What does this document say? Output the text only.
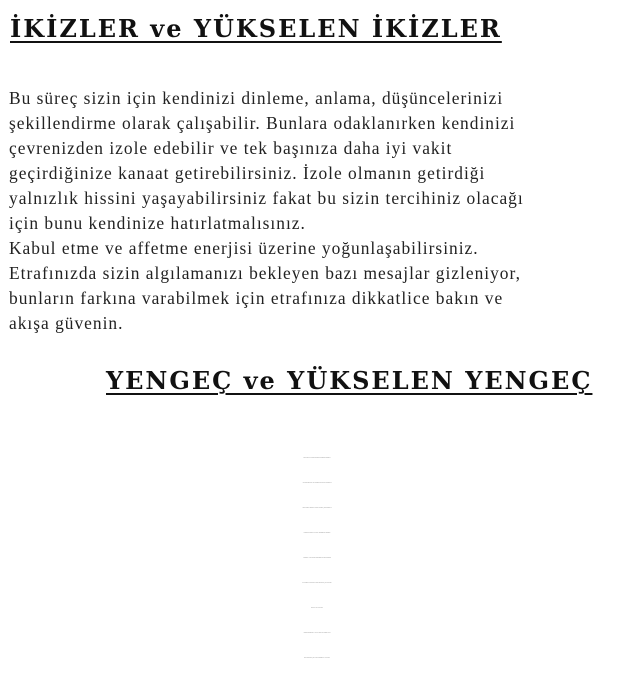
İKİZLER ve YÜKSELEN İKİZLER

Bu süreç sizin için kendinizi dinleme, anlama, düşüncelerinizi

şekillendirme olarak çalışabilir. Bunlara odaklanırken kendinizi

çevrenizden izole edebilir ve tek başınıza daha iyi vakit

geçirdiğinize kanaat getirebilirsiniz. İzole olmanın getirdiği

yalnızlık hissini yaşayabilirsiniz fakat bu sizin tercihiniz olacağı

için bunu kendinize hatırlatmalısınız.

Kabul etme ve affetme enerjisi üzerine yoğunlaşabilirsiniz.

Etrafınızda sizin algılamanızı bekleyen bazı mesajlar gizleniyor,

bunların farkına varabilmek için etrafınıza dikkatlice bakın ve

akışa güvenin.

YENGEÇ ve YÜKSELEN YENGEÇ

Sosyal medya üzerinden insanlarla tartışmaya girmemeye

özen göstermelisiniz. Bu dönemde sosyal medya kullanırken

ekstra dikkatli olmanızda da fayda olacaktır, istemediğiniz bir

fotoğrafı paylaşabilir veya bazı ifşalanma gibi durumlar

yaşanabilir. Yine kendinizi anlattığınız bir konuda insanlar

sizin demek istediklerinizi yanlış algılayabilir, söyledikleriniz

farklı bir yöne çekilebilir.

Arkadaş grubunuzda iyi niyetli olarak söylediğiniz bir şey

farklı anlaşılabilir, bu da bazı sürtüşmelere yol açabilir.
